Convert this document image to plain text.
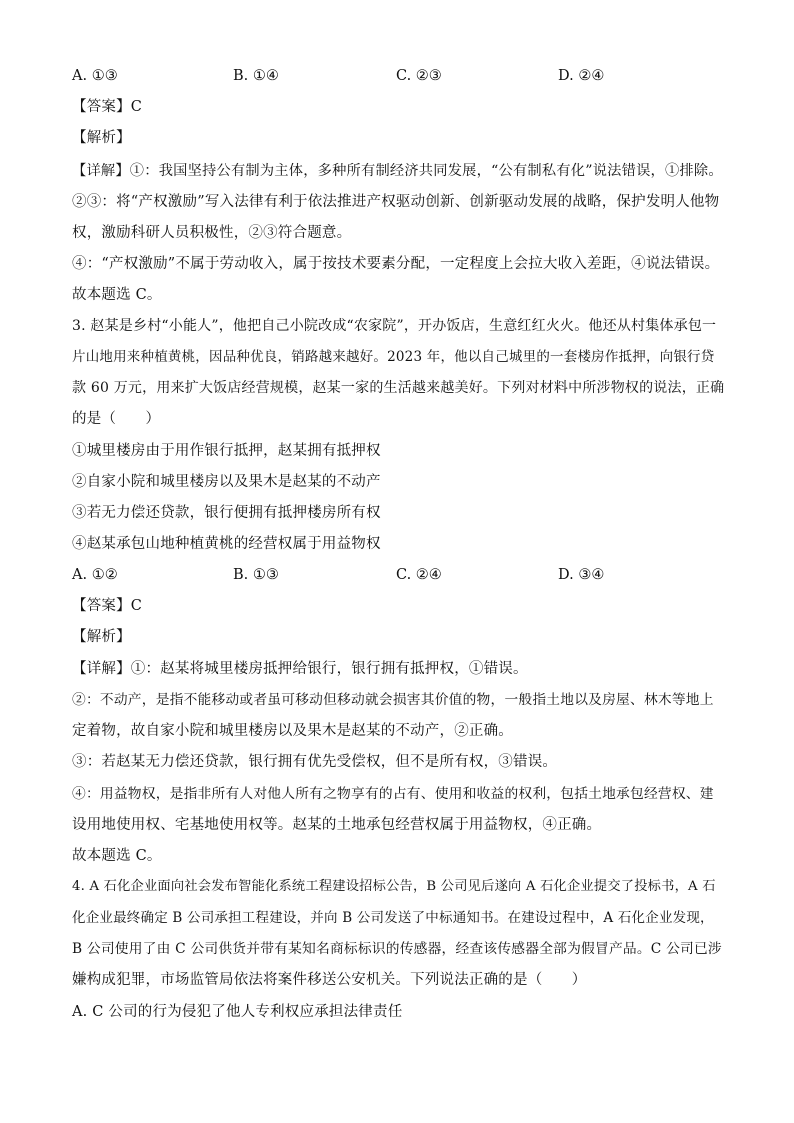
A. ①③	B. ①④	C. ②③	D. ②④
【答案】C
【解析】
【详解】①：我国坚持公有制为主体，多种所有制经济共同发展，“公有制私有化”说法错误，①排除。
②③：将“产权激励”写入法律有利于依法推进产权驱动创新、创新驱动发展的战略，保护发明人他物
权，激励科研人员积极性，②③符合题意。
④：“产权激励”不属于劳动收入，属于按技术要素分配，一定程度上会拉大收入差距，④说法错误。
故本题选 C。
3. 赵某是乡村“小能人”，他把自己小院改成“农家院”，开办饭店，生意红红火火。他还从村集体承包一
片山地用来种植黄桃，因品种优良，销路越来越好。2023 年，他以自己城里的一套楼房作抵押，向银行贷
款 60 万元，用来扩大饭店经营规模，赵某一家的生活越来越美好。下列对材料中所涉物权的说法，正确
的是（　　）
①城里楼房由于用作银行抵押，赵某拥有抵押权
②自家小院和城里楼房以及果木是赵某的不动产
③若无力偿还贷款，银行便拥有抵押楼房所有权
④赵某承包山地种植黄桃的经营权属于用益物权
A. ①②	B. ①③	C. ②④	D. ③④
【答案】C
【解析】
【详解】①：赵某将城里楼房抵押给银行，银行拥有抵押权，①错误。
②：不动产，是指不能移动或者虽可移动但移动就会损害其价值的物，一般指土地以及房屋、林木等地上
定着物，故自家小院和城里楼房以及果木是赵某的不动产，②正确。
③：若赵某无力偿还贷款，银行拥有优先受偿权，但不是所有权，③错误。
④：用益物权，是指非所有人对他人所有之物享有的占有、使用和收益的权利，包括土地承包经营权、建
设用地使用权、宅基地使用权等。赵某的土地承包经营权属于用益物权，④正确。
故本题选 C。
4. A 石化企业面向社会发布智能化系统工程建设招标公告，B 公司见后遂向 A 石化企业提交了投标书，A 石
化企业最终确定 B 公司承担工程建设，并向 B 公司发送了中标通知书。在建设过程中，A 石化企业发现，
B 公司使用了由 C 公司供货并带有某知名商标标识的传感器，经查该传感器全部为假冒产品。C 公司已涉
嫌构成犯罪，市场监管局依法将案件移送公安机关。下列说法正确的是（　　）
A. C 公司的行为侵犯了他人专利权应承担法律责任
